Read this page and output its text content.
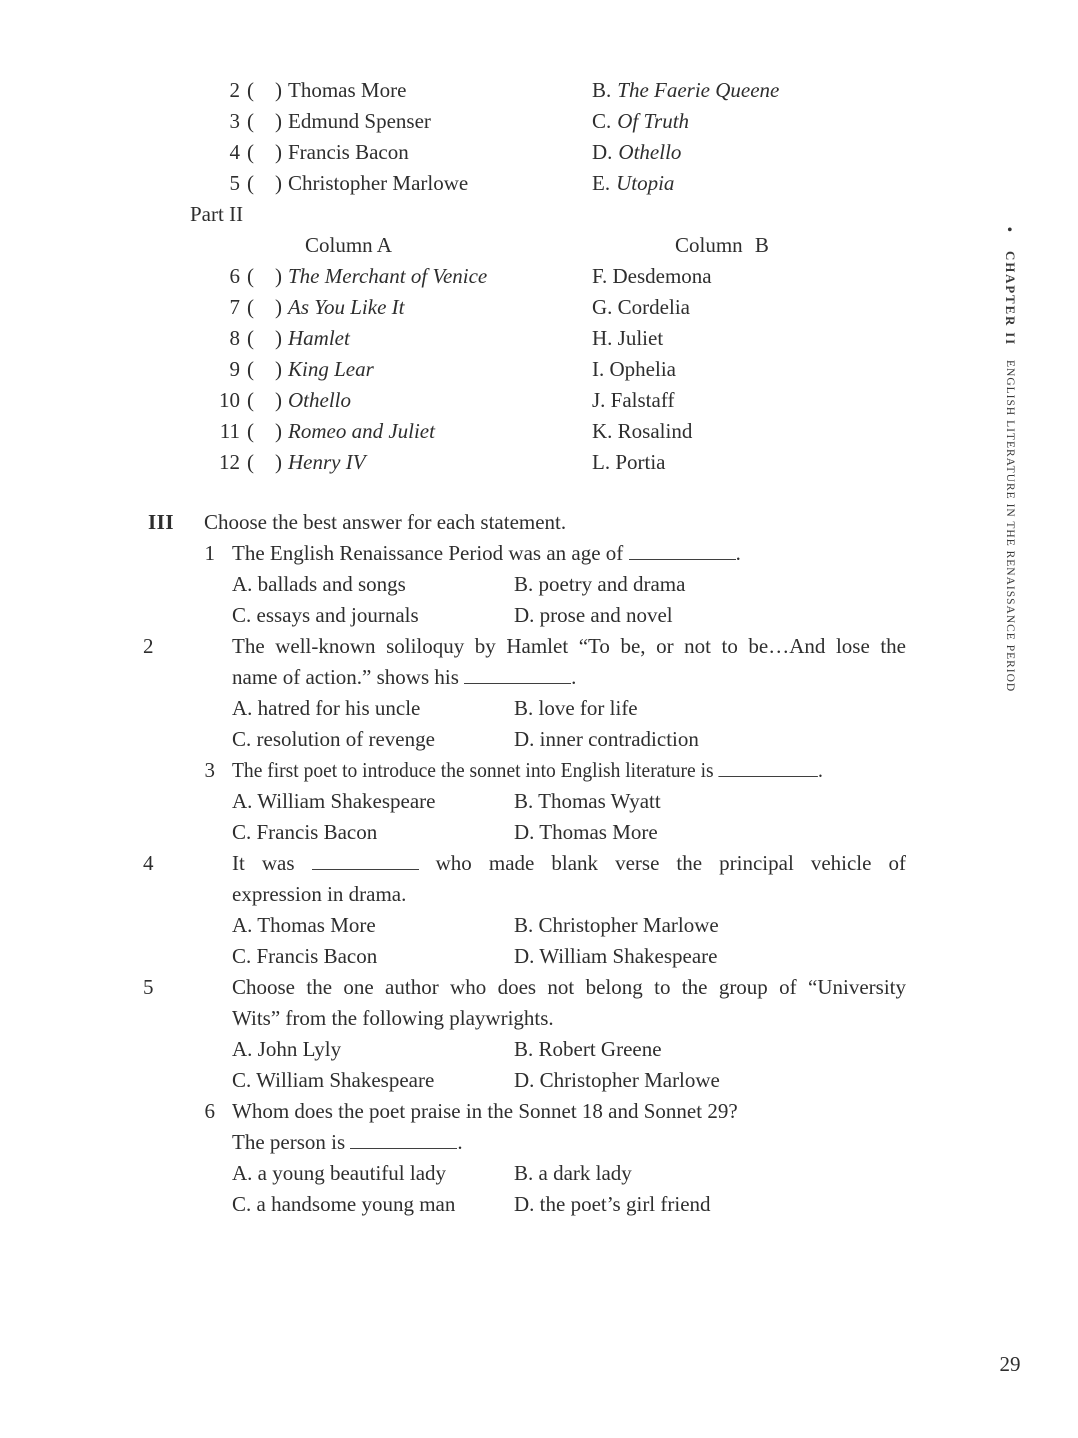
2 ( ) Thomas More	B. The Faerie Queene
3 ( ) Edmund Spenser	C. Of Truth
4 ( ) Francis Bacon	D. Othello
5 ( ) Christopher Marlowe	E. Utopia
Part II
Column A	Column B
6 ( ) The Merchant of Venice	F. Desdemona
7 ( ) As You Like It	G. Cordelia
8 ( ) Hamlet	H. Juliet
9 ( ) King Lear	I. Ophelia
10 ( ) Othello	J. Falstaff
11 ( ) Romeo and Juliet	K. Rosalind
12 ( ) Henry IV	L. Portia
III Choose the best answer for each statement.
1 The English Renaissance Period was an age of	.
A. ballads and songs	B. poetry and drama
C. essays and journals	D. prose and novel
2	The well-known soliloquy by Hamlet “To be, or not to be…And lose the
name of action.” shows his	.
A. hatred for his uncle	B. love for life
C. resolution of revenge	D. inner contradiction
3 The first poet to introduce the sonnet into English literature is	.
A. William Shakespeare	B. Thomas Wyatt
C. Francis Bacon	D. Thomas More
4	It was	who made blank verse the principal vehicle of
expression in drama.
A. Thomas More	B. Christopher Marlowe
C. Francis Bacon	D. William Shakespeare
5	Choose the one author who does not belong to the group of “University
Wits” from the following playwrights.
A. John Lyly	B. Robert Greene
C. William Shakespeare	D. Christopher Marlowe
6 Whom does the poet praise in the Sonnet 18 and Sonnet 29?
The person is	.
A. a young beautiful lady	B. a dark lady
C. a handsome young man	D. the poet’s girl friend
•
CHAPTER IIENGLISH LITERATURE IN THE RENAISSANCE PERIOD
29
